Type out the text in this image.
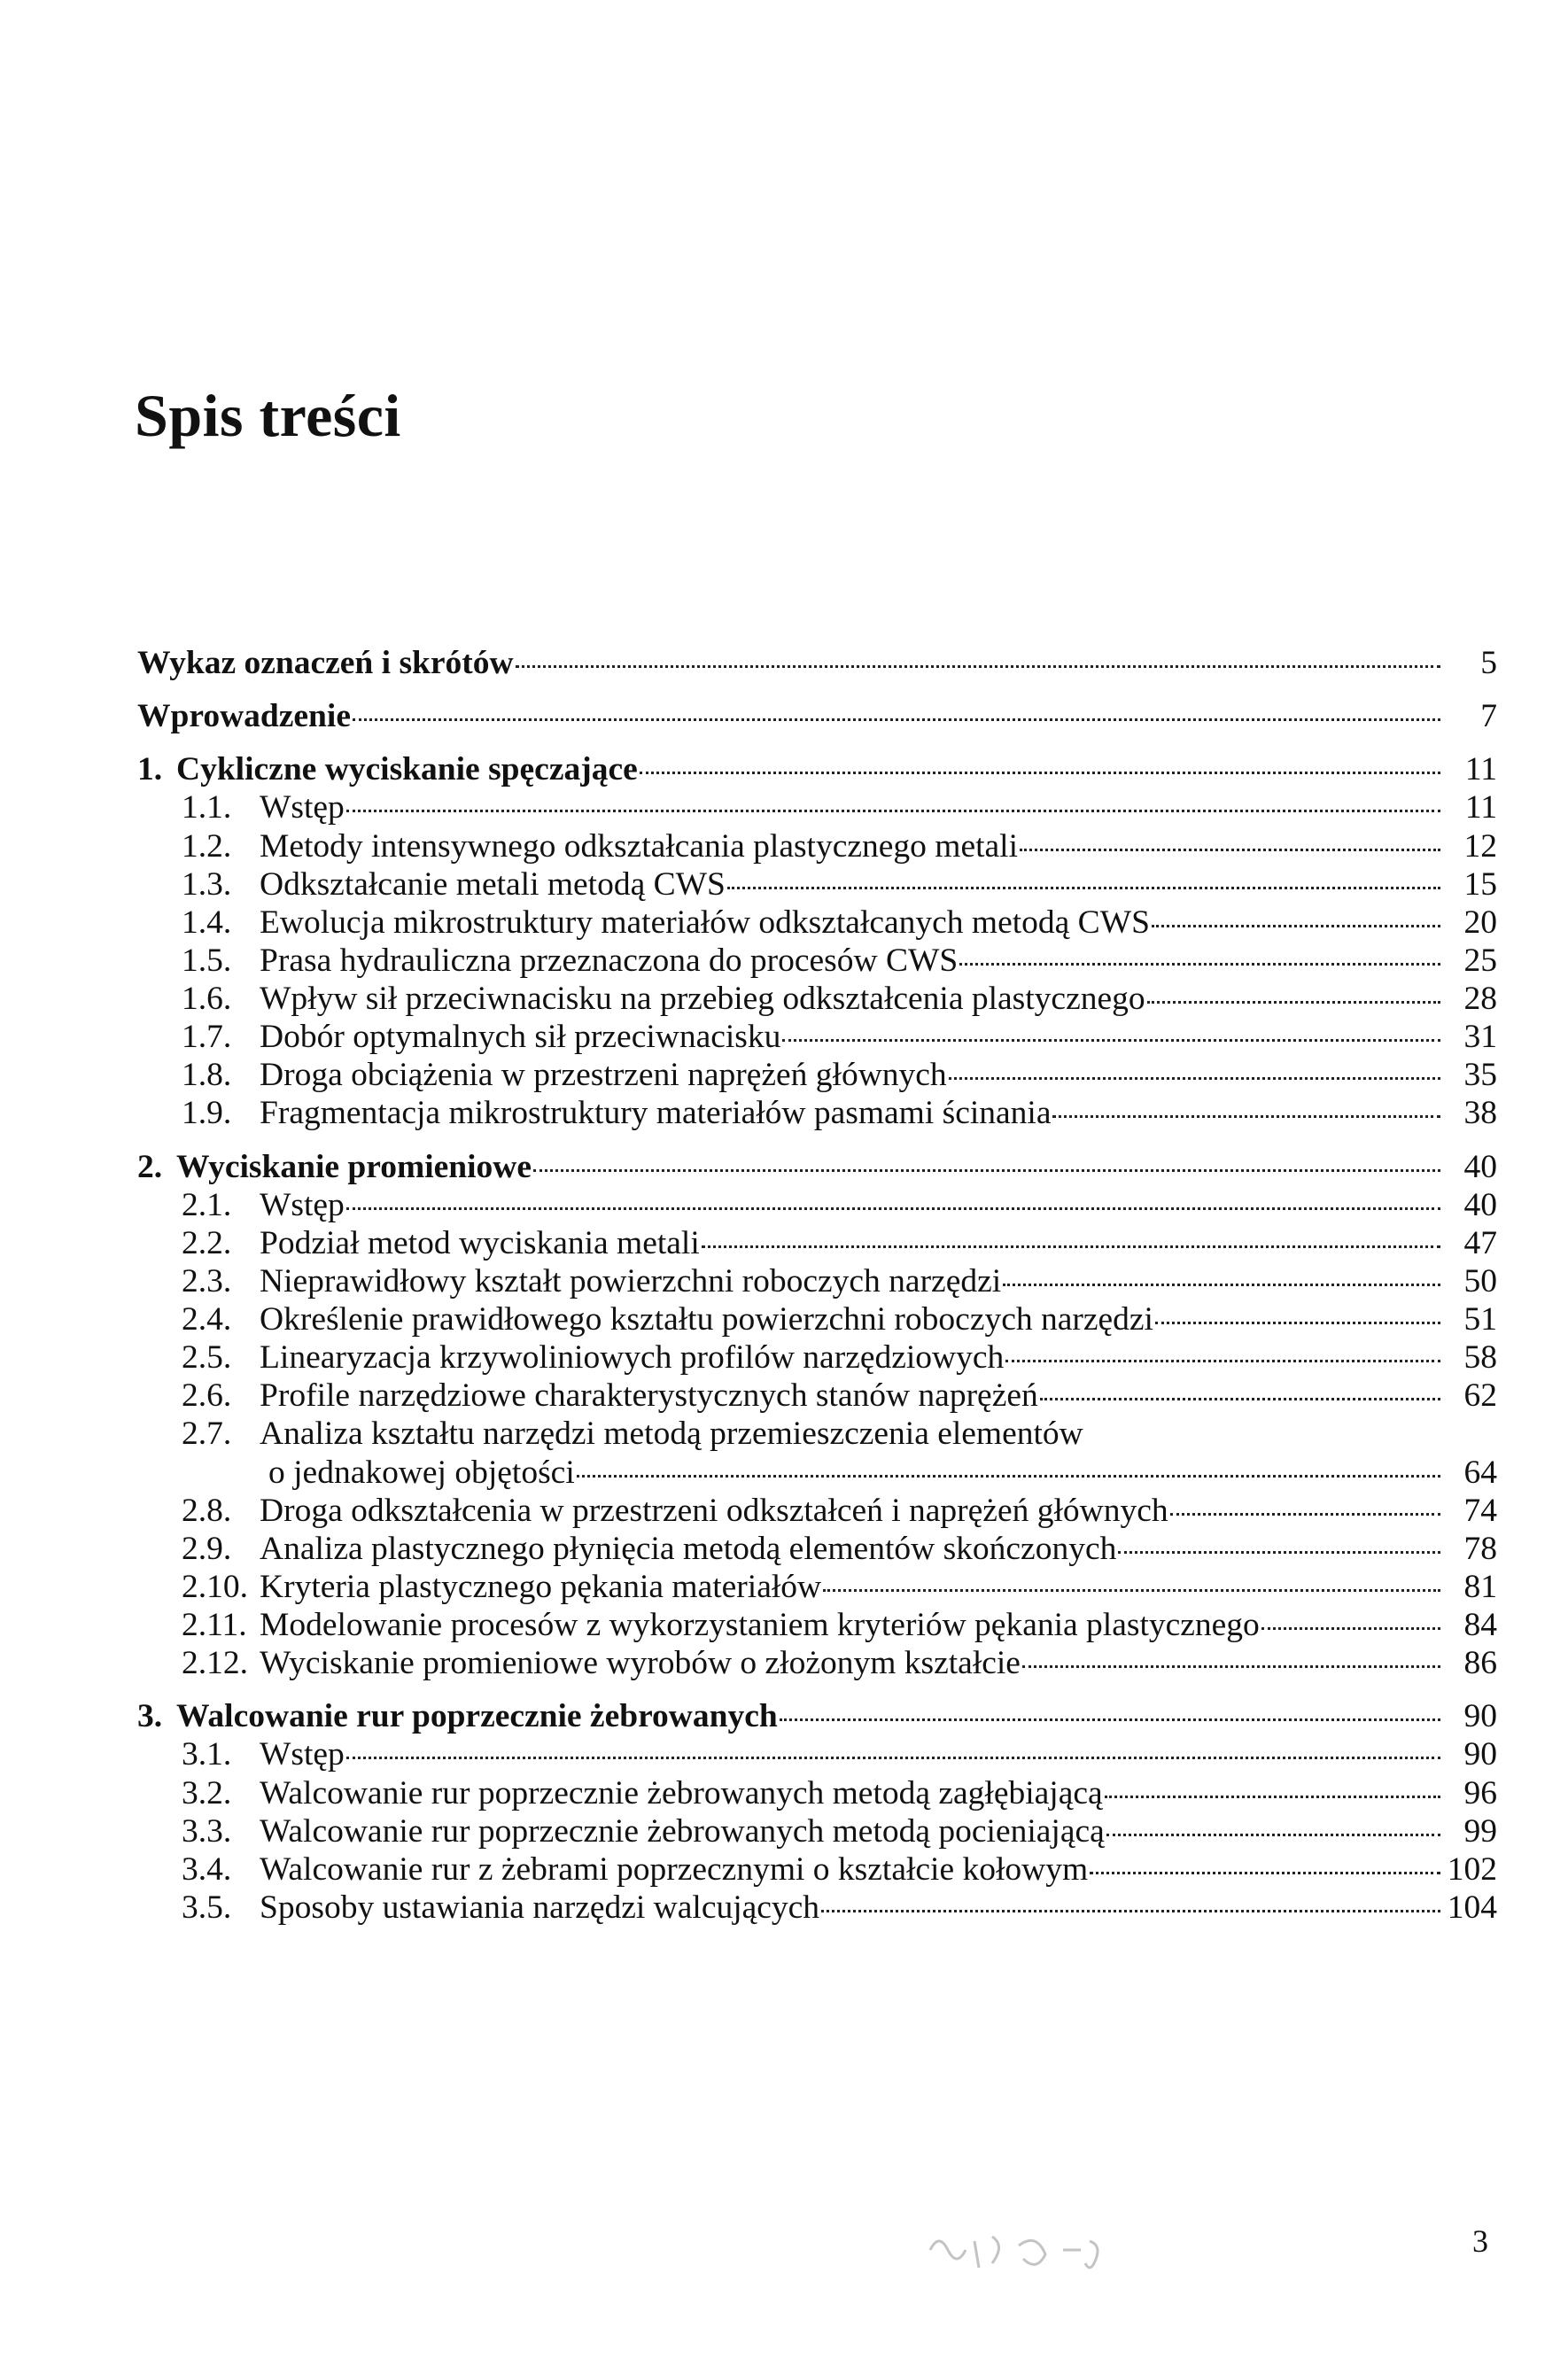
Spis treści
Wykaz oznaczeń i skrótów	5
Wprowadzenie	7
1. Cykliczne wyciskanie spęczające	11
1.1. Wstęp	11
1.2. Metody intensywnego odkształcania plastycznego metali	12
1.3. Odkształcanie metali metodą CWS	15
1.4. Ewolucja mikrostruktury materiałów odkształcanych metodą CWS	20
1.5. Prasa hydrauliczna przeznaczona do procesów CWS	25
1.6. Wpływ sił przeciwnacisku na przebieg odkształcenia plastycznego	28
1.7. Dobór optymalnych sił przeciwnacisku	31
1.8. Droga obciążenia w przestrzeni naprężeń głównych	35
1.9. Fragmentacja mikrostruktury materiałów pasmami ścinania	38
2. Wyciskanie promieniowe	40
2.1. Wstęp	40
2.2. Podział metod wyciskania metali	47
2.3. Nieprawidłowy kształt powierzchni roboczych narzędzi	50
2.4. Określenie prawidłowego kształtu powierzchni roboczych narzędzi	51
2.5. Linearyzacja krzywoliniowych profilów narzędziowych	58
2.6. Profile narzędziowe charakterystycznych stanów naprężeń	62
2.7. Analiza kształtu narzędzi metodą przemieszczenia elementów
o jednakowej objętości	64
2.8. Droga odkształcenia w przestrzeni odkształceń i naprężeń głównych	74
2.9. Analiza plastycznego płynięcia metodą elementów skończonych	78
2.10. Kryteria plastycznego pękania materiałów	81
2.11. Modelowanie procesów z wykorzystaniem kryteriów pękania plastycznego	84
2.12. Wyciskanie promieniowe wyrobów o złożonym kształcie	86
3. Walcowanie rur poprzecznie żebrowanych	90
3.1. Wstęp	90
3.2. Walcowanie rur poprzecznie żebrowanych metodą zagłębiającą	96
3.3. Walcowanie rur poprzecznie żebrowanych metodą pocieniającą	99
3.4. Walcowanie rur z żebrami poprzecznymi o kształcie kołowym	102
3.5. Sposoby ustawiania narzędzi walcujących	104
3
